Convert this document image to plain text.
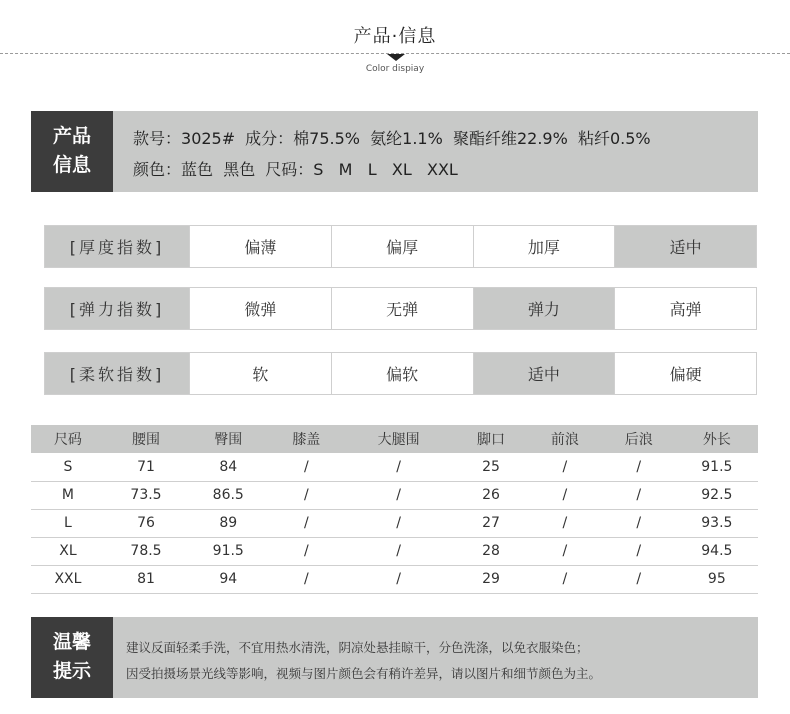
产品·信息
Color dispiay
产品
信息
款号：3025# 成分：棉75.5%  氨纶1.1%  聚酯纤维22.9%  粘纤0.5%
颜色：蓝色  黑色 尺码：S   M   L   XL   XXL
[厚度指数]	偏薄	偏厚	加厚	适中
[弹力指数]	微弹	无弹	弹力	高弹
[柔软指数]	软	偏软	适中	偏硬
尺码	腰围	臀围	膝盖	大腿围	脚口	前浪	后浪	外长
S	71	84	/	/	25	/	/	91.5
M	73.5	86.5	/	/	26	/	/	92.5
L	76	89	/	/	27	/	/	93.5
XL	78.5	91.5	/	/	28	/	/	94.5
XXL	81	94	/	/	29	/	/	95
温馨
提示
建议反面轻柔手洗，不宜用热水清洗，阴凉处悬挂晾干，分色洗涤，以免衣服染色；
因受拍摄场景光线等影响，视频与图片颜色会有稍许差异，请以图片和细节颜色为主。
